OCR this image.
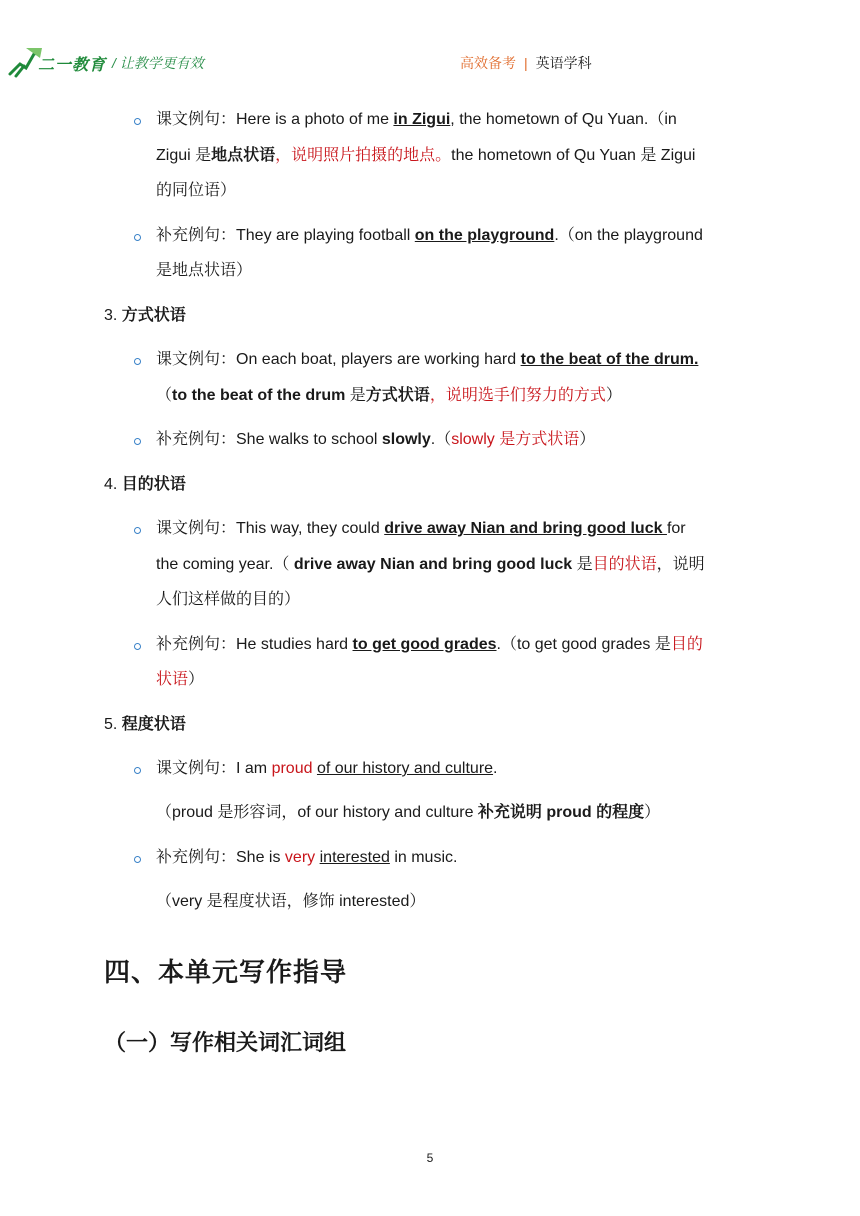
二一教育 / 让教学更有效	高效备考 | 英语学科
课文例句：Here is a photo of me in Zigui, the hometown of Qu Yuan.（in
Zigui 是地点状语，说明照片拍摄的地点。the hometown of Qu Yuan 是 Zigui
的同位语）
补充例句：They are playing football on the playground.（on the playground
是地点状语）
3. 方式状语
课文例句：On each boat, players are working hard to the beat of the drum.
（to the beat of the drum 是方式状语，说明选手们努力的方式）
补充例句：She walks to school slowly.（slowly 是方式状语）
4. 目的状语
课文例句：This way, they could drive away Nian and bring good luck for
the coming year.（ drive away Nian and bring good luck 是目的状语，说明
人们这样做的目的）
补充例句：He studies hard to get good grades.（to get good grades 是目的
状语）
5. 程度状语
课文例句：I am proud of our history and culture.
（proud 是形容词，of our history and culture 补充说明 proud 的程度）
补充例句：She is very interested in music.
（very 是程度状语，修饰 interested）
四、本单元写作指导
（一）写作相关词汇词组
5
